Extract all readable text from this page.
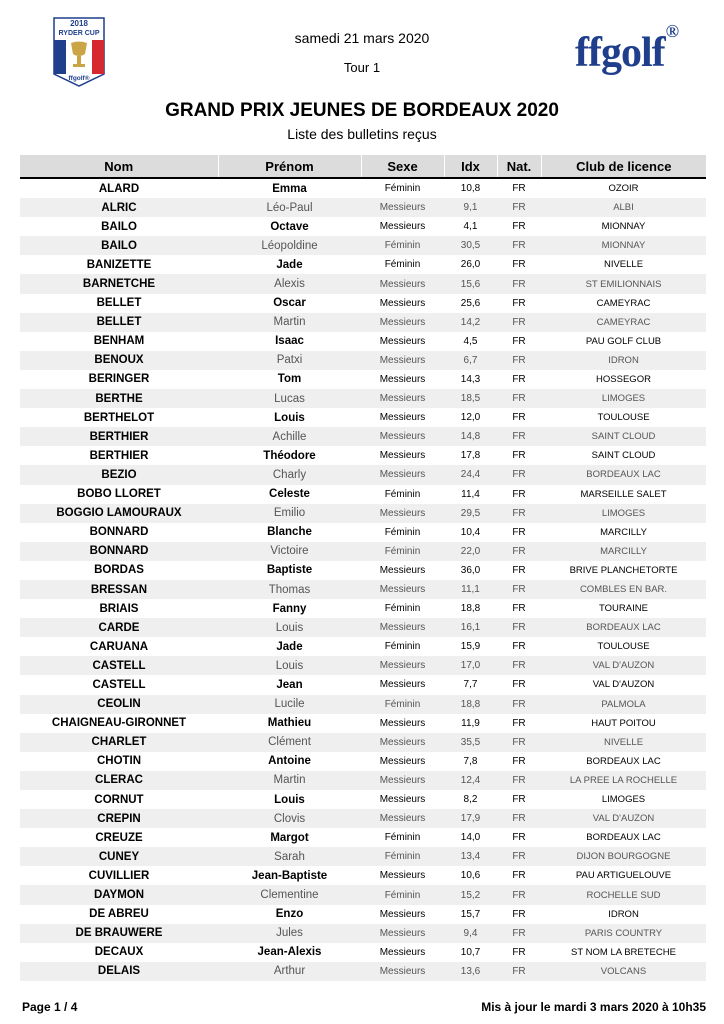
2018
RYDER CUP
ffgolf®
ffgolf®
samedi 21 mars 2020
Tour 1
GRAND PRIX JEUNES DE BORDEAUX 2020
Liste des bulletins reçus
Nom	Prénom	Sexe	Idx	Nat.	Club de licence
ALARD	Emma	Féminin	10,8	FR	OZOIR
ALRIC	Léo-Paul	Messieurs	9,1	FR	ALBI
BAILO	Octave	Messieurs	4,1	FR	MIONNAY
BAILO	Léopoldine	Féminin	30,5	FR	MIONNAY
BANIZETTE	Jade	Féminin	26,0	FR	NIVELLE
BARNETCHE	Alexis	Messieurs	15,6	FR	ST EMILIONNAIS
BELLET	Oscar	Messieurs	25,6	FR	CAMEYRAC
BELLET	Martin	Messieurs	14,2	FR	CAMEYRAC
BENHAM	Isaac	Messieurs	4,5	FR	PAU GOLF CLUB
BENOUX	Patxi	Messieurs	6,7	FR	IDRON
BERINGER	Tom	Messieurs	14,3	FR	HOSSEGOR
BERTHE	Lucas	Messieurs	18,5	FR	LIMOGES
BERTHELOT	Louis	Messieurs	12,0	FR	TOULOUSE
BERTHIER	Achille	Messieurs	14,8	FR	SAINT CLOUD
BERTHIER	Théodore	Messieurs	17,8	FR	SAINT CLOUD
BEZIO	Charly	Messieurs	24,4	FR	BORDEAUX LAC
BOBO LLORET	Celeste	Féminin	11,4	FR	MARSEILLE SALET
BOGGIO LAMOURAUX	Emilio	Messieurs	29,5	FR	LIMOGES
BONNARD	Blanche	Féminin	10,4	FR	MARCILLY
BONNARD	Victoire	Féminin	22,0	FR	MARCILLY
BORDAS	Baptiste	Messieurs	36,0	FR	BRIVE PLANCHETORTE
BRESSAN	Thomas	Messieurs	11,1	FR	COMBLES EN BAR.
BRIAIS	Fanny	Féminin	18,8	FR	TOURAINE
CARDE	Louis	Messieurs	16,1	FR	BORDEAUX LAC
CARUANA	Jade	Féminin	15,9	FR	TOULOUSE
CASTELL	Louis	Messieurs	17,0	FR	VAL D'AUZON
CASTELL	Jean	Messieurs	7,7	FR	VAL D'AUZON
CEOLIN	Lucile	Féminin	18,8	FR	PALMOLA
CHAIGNEAU-GIRONNET	Mathieu	Messieurs	11,9	FR	HAUT POITOU
CHARLET	Clément	Messieurs	35,5	FR	NIVELLE
CHOTIN	Antoine	Messieurs	7,8	FR	BORDEAUX LAC
CLERAC	Martin	Messieurs	12,4	FR	LA PREE LA ROCHELLE
CORNUT	Louis	Messieurs	8,2	FR	LIMOGES
CREPIN	Clovis	Messieurs	17,9	FR	VAL D'AUZON
CREUZE	Margot	Féminin	14,0	FR	BORDEAUX LAC
CUNEY	Sarah	Féminin	13,4	FR	DIJON BOURGOGNE
CUVILLIER	Jean-Baptiste	Messieurs	10,6	FR	PAU ARTIGUELOUVE
DAYMON	Clementine	Féminin	15,2	FR	ROCHELLE SUD
DE ABREU	Enzo	Messieurs	15,7	FR	IDRON
DE BRAUWERE	Jules	Messieurs	9,4	FR	PARIS COUNTRY
DECAUX	Jean-Alexis	Messieurs	10,7	FR	ST NOM LA BRETECHE
DELAIS	Arthur	Messieurs	13,6	FR	VOLCANS
Page 1 / 4	Mis à jour le mardi 3 mars 2020 à 10h35
